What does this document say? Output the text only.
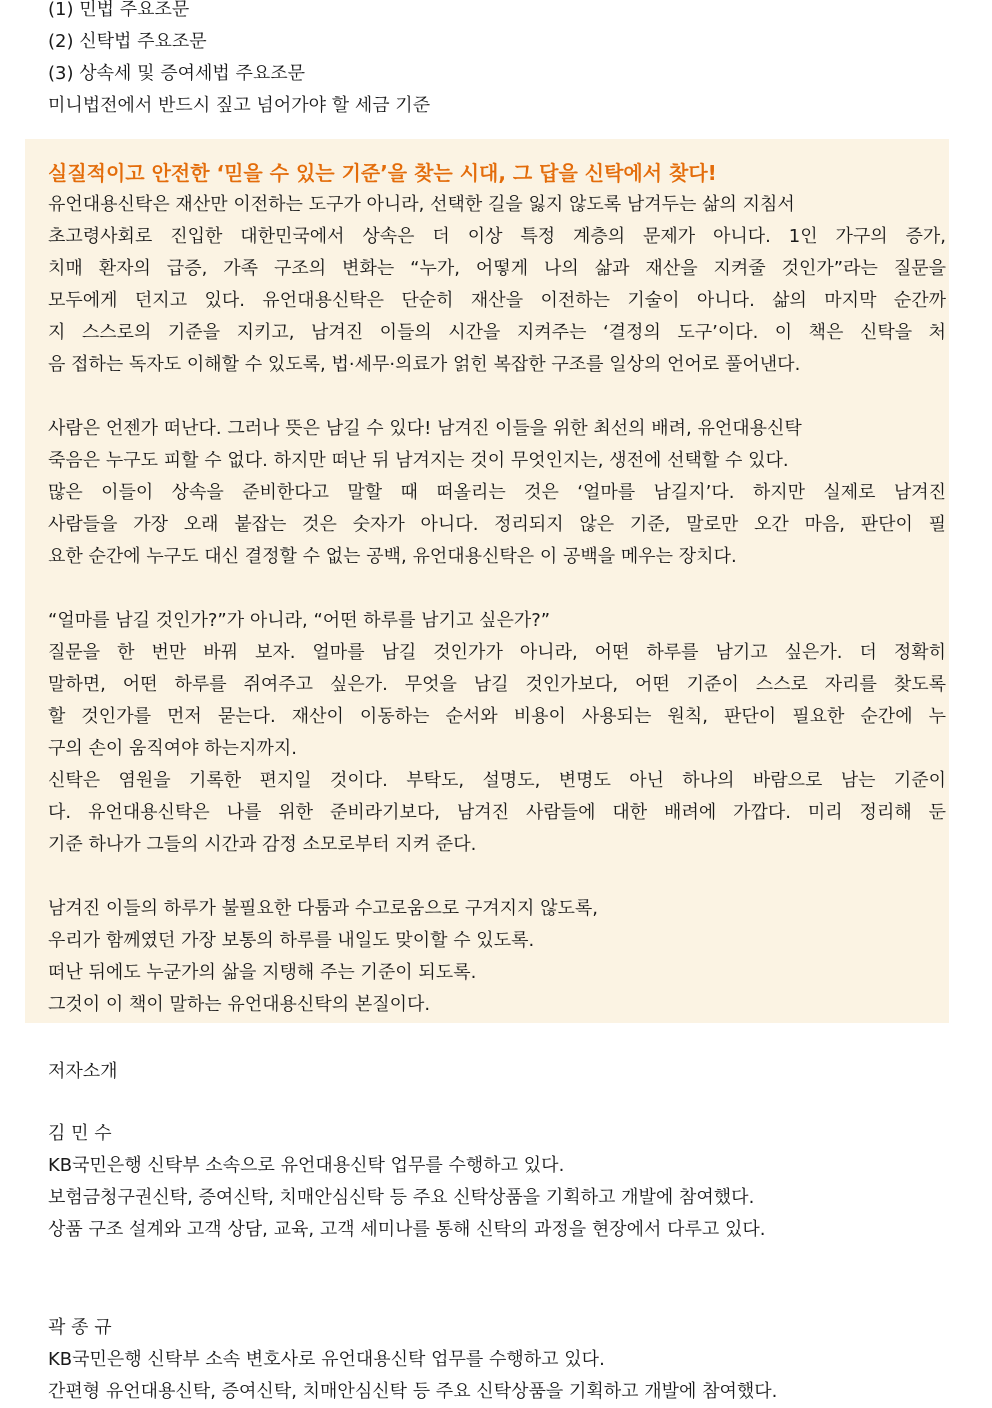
(1) 민법 주요조문
(2) 신탁법 주요조문
(3) 상속세 및 증여세법 주요조문
미니법전에서 반드시 짚고 넘어가야 할 세금 기준
실질적이고 안전한 ‘믿을 수 있는 기준’을 찾는 시대, 그 답을 신탁에서 찾다!
유언대용신탁은 재산만 이전하는 도구가 아니라, 선택한 길을 잃지 않도록 남겨두는 삶의 지침서
초고령사회로 진입한 대한민국에서 상속은 더 이상 특정 계층의 문제가 아니다. 1인 가구의 증가,
치매 환자의 급증, 가족 구조의 변화는 “누가, 어떻게 나의 삶과 재산을 지켜줄 것인가”라는 질문을
모두에게 던지고 있다. 유언대용신탁은 단순히 재산을 이전하는 기술이 아니다. 삶의 마지막 순간까
지 스스로의 기준을 지키고, 남겨진 이들의 시간을 지켜주는 ‘결정의 도구’이다. 이 책은 신탁을 처
음 접하는 독자도 이해할 수 있도록, 법·세무·의료가 얽힌 복잡한 구조를 일상의 언어로 풀어낸다.
사람은 언젠가 떠난다. 그러나 뜻은 남길 수 있다! 남겨진 이들을 위한 최선의 배려, 유언대용신탁
죽음은 누구도 피할 수 없다. 하지만 떠난 뒤 남겨지는 것이 무엇인지는, 생전에 선택할 수 있다.
많은 이들이 상속을 준비한다고 말할 때 떠올리는 것은 ‘얼마를 남길지’다. 하지만 실제로 남겨진
사람들을 가장 오래 붙잡는 것은 숫자가 아니다. 정리되지 않은 기준, 말로만 오간 마음, 판단이 필
요한 순간에 누구도 대신 결정할 수 없는 공백, 유언대용신탁은 이 공백을 메우는 장치다.
“얼마를 남길 것인가?”가 아니라, “어떤 하루를 남기고 싶은가?”
질문을 한 번만 바꿔 보자. 얼마를 남길 것인가가 아니라, 어떤 하루를 남기고 싶은가. 더 정확히
말하면, 어떤 하루를 쥐여주고 싶은가. 무엇을 남길 것인가보다, 어떤 기준이 스스로 자리를 찾도록
할 것인가를 먼저 묻는다. 재산이 이동하는 순서와 비용이 사용되는 원칙, 판단이 필요한 순간에 누
구의 손이 움직여야 하는지까지.
신탁은 염원을 기록한 편지일 것이다. 부탁도, 설명도, 변명도 아닌 하나의 바람으로 남는 기준이
다. 유언대용신탁은 나를 위한 준비라기보다, 남겨진 사람들에 대한 배려에 가깝다. 미리 정리해 둔
기준 하나가 그들의 시간과 감정 소모로부터 지켜 준다.
남겨진 이들의 하루가 불필요한 다툼과 수고로움으로 구겨지지 않도록,
우리가 함께였던 가장 보통의 하루를 내일도 맞이할 수 있도록.
떠난 뒤에도 누군가의 삶을 지탱해 주는 기준이 되도록.
그것이 이 책이 말하는 유언대용신탁의 본질이다.
저자소개
김 민 수
KB국민은행 신탁부 소속으로 유언대용신탁 업무를 수행하고 있다.
보험금청구권신탁, 증여신탁, 치매안심신탁 등 주요 신탁상품을 기획하고 개발에 참여했다.
상품 구조 설계와 고객 상담, 교육, 고객 세미나를 통해 신탁의 과정을 현장에서 다루고 있다.
곽 종 규
KB국민은행 신탁부 소속 변호사로 유언대용신탁 업무를 수행하고 있다.
간편형 유언대용신탁, 증여신탁, 치매안심신탁 등 주요 신탁상품을 기획하고 개발에 참여했다.
